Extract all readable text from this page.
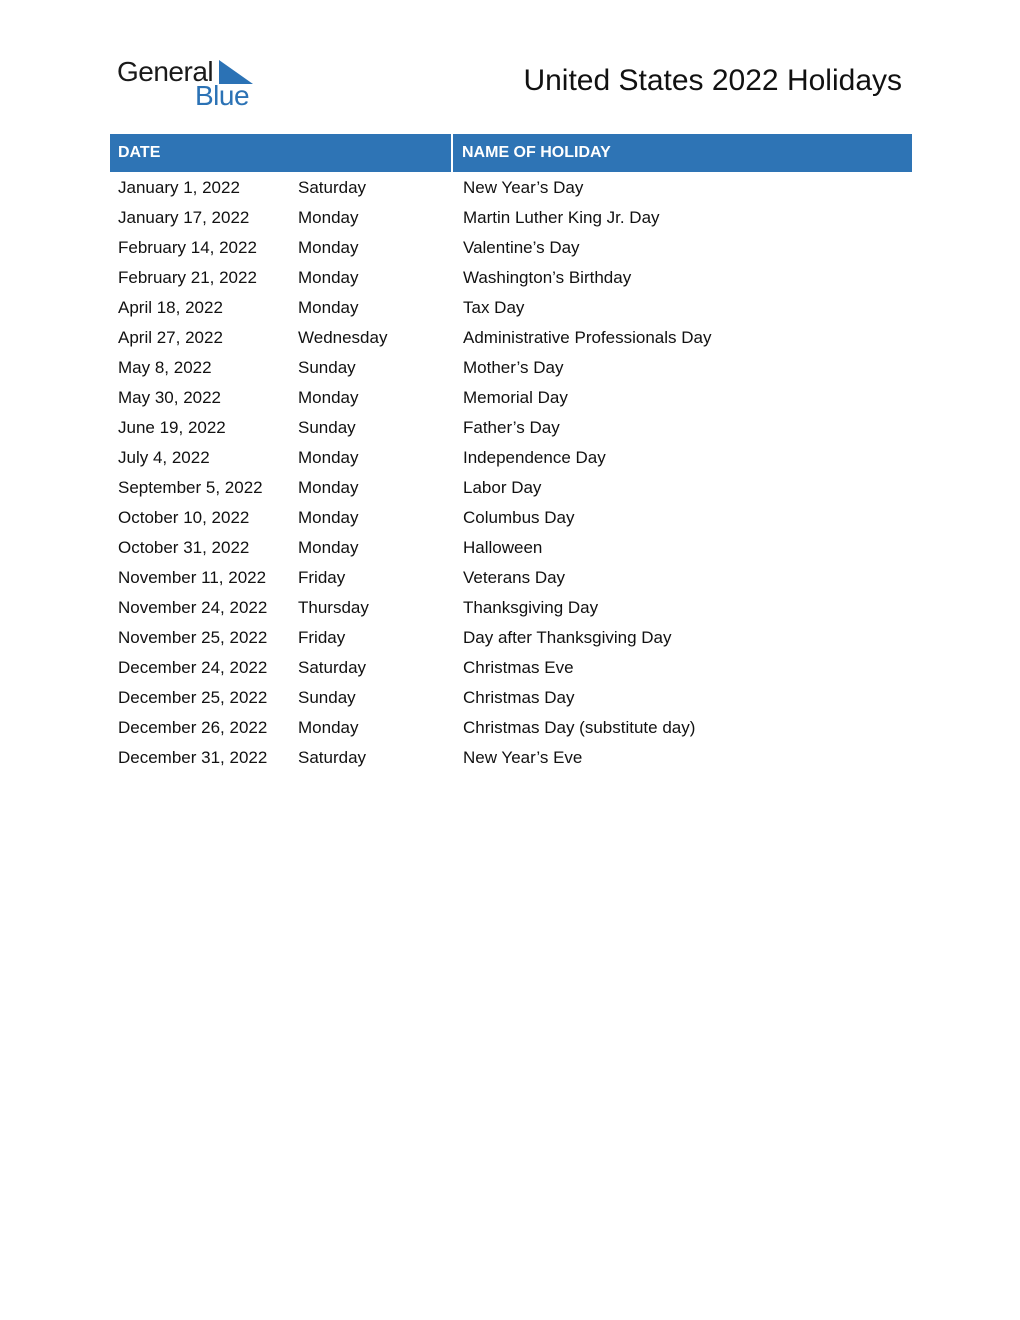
General
Blue	United States 2022 Holidays
DATE	NAME OF HOLIDAY
January 1, 2022	Saturday	New Year’s Day
January 17, 2022	Monday	Martin Luther King Jr. Day
February 14, 2022	Monday	Valentine’s Day
February 21, 2022	Monday	Washington’s Birthday
April 18, 2022	Monday	Tax Day
April 27, 2022	Wednesday	Administrative Professionals Day
May 8, 2022	Sunday	Mother’s Day
May 30, 2022	Monday	Memorial Day
June 19, 2022	Sunday	Father’s Day
July 4, 2022	Monday	Independence Day
September 5, 2022	Monday	Labor Day
October 10, 2022	Monday	Columbus Day
October 31, 2022	Monday	Halloween
November 11, 2022	Friday	Veterans Day
November 24, 2022	Thursday	Thanksgiving Day
November 25, 2022	Friday	Day after Thanksgiving Day
December 24, 2022	Saturday	Christmas Eve
December 25, 2022	Sunday	Christmas Day
December 26, 2022	Monday	Christmas Day (substitute day)
December 31, 2022	Saturday	New Year’s Eve
